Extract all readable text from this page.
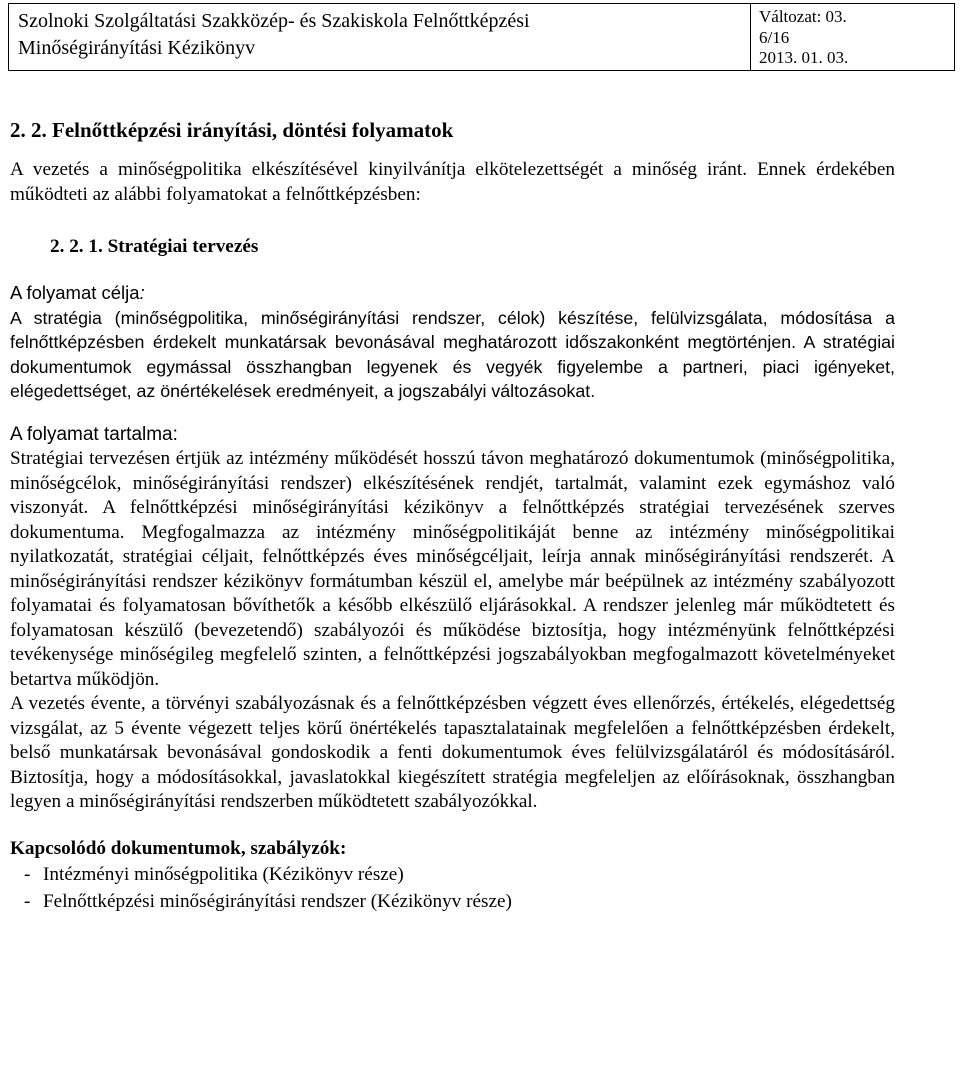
Szolnoki Szolgáltatási Szakközép- és Szakiskola Felnőttképzési
Minőségirányítási Kézikönyv
Változat: 03.
6/16
2013. 01. 03.
2. 2. Felnőttképzési irányítási, döntési folyamatok

A vezetés a minőségpolitika elkészítésével kinyilvánítja elkötelezettségét a minőség iránt. Ennek érdekében működteti az alábbi folyamatokat a felnőttképzésben:

2. 2. 1. Stratégiai tervezés
A folyamat célja:

A stratégia (minőségpolitika, minőségirányítási rendszer, célok) készítése, felülvizsgálata, módosítása a felnőttképzésben érdekelt munkatársak bevonásával meghatározott időszakonként megtörténjen. A stratégiai dokumentumok egymással összhangban legyenek és vegyék figyelembe a partneri, piaci igényeket, elégedettséget, az önértékelések eredményeit, a jogszabályi változásokat.

A folyamat tartalma:

Stratégiai tervezésen értjük az intézmény működését hosszú távon meghatározó dokumentumok (minőségpolitika, minőségcélok, minőségirányítási rendszer) elkészítésének rendjét, tartalmát, valamint ezek egymáshoz való viszonyát. A felnőttképzési minőségirányítási kézikönyv a felnőttképzés stratégiai tervezésének szerves dokumentuma. Megfogalmazza az intézmény minőségpolitikáját benne az intézmény minőségpolitikai nyilatkozatát, stratégiai céljait, felnőttképzés éves minőségcéljait, leírja annak minőségirányítási rendszerét. A minőségirányítási rendszer kézikönyv formátumban készül el, amelybe már beépülnek az intézmény szabályozott folyamatai és folyamatosan bővíthetők a később elkészülő eljárásokkal. A rendszer jelenleg már működtetett és folyamatosan készülő (bevezetendő) szabályozói és működése biztosítja, hogy intézményünk felnőttképzési tevékenysége minőségileg megfelelő szinten, a felnőttképzési jogszabályokban megfogalmazott követelményeket betartva működjön.

A vezetés évente, a törvényi szabályozásnak és a felnőttképzésben végzett éves ellenőrzés, értékelés, elégedettség vizsgálat, az 5 évente végezett teljes körű önértékelés tapasztalatainak megfelelően a felnőttképzésben érdekelt, belső munkatársak bevonásával gondoskodik a fenti dokumentumok éves felülvizsgálatáról és módosításáról. Biztosítja, hogy a módosításokkal, javaslatokkal kiegészített stratégia megfeleljen az előírásoknak, összhangban legyen a minőségirányítási rendszerben működtetett szabályozókkal.

Kapcsolódó dokumentumok, szabályzók:
- Intézményi minőségpolitika (Kézikönyv része)
- Felnőttképzési minőségirányítási rendszer (Kézikönyv része)
